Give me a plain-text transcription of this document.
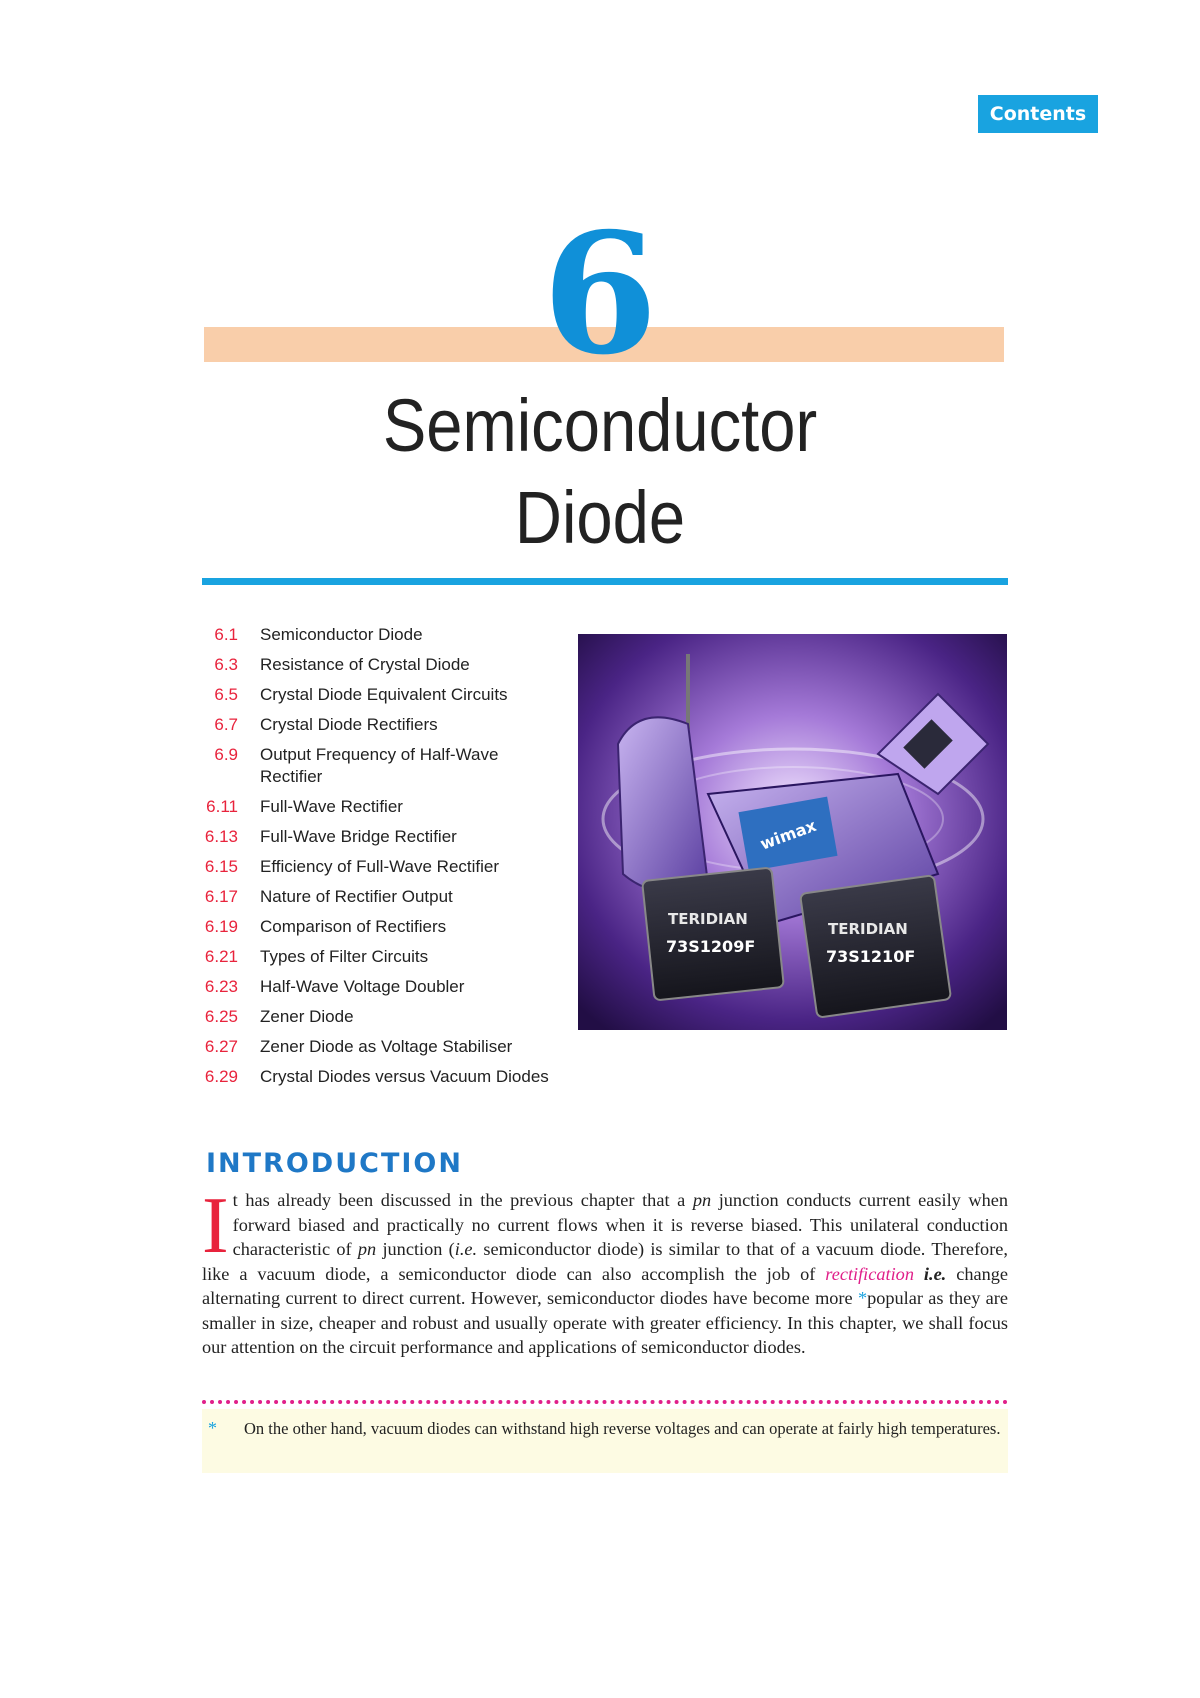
Contents
6
Semiconductor
Diode
6.1	Semiconductor Diode
6.3	Resistance of Crystal Diode
6.5	Crystal Diode Equivalent Circuits
6.7	Crystal Diode Rectifiers
6.9	Output Frequency of Half-Wave Rectifier
6.11	Full-Wave Rectifier
6.13	Full-Wave Bridge Rectifier
6.15	Efficiency of Full-Wave Rectifier
6.17	Nature of Rectifier Output
6.19	Comparison of Rectifiers
6.21	Types of Filter Circuits
6.23	Half-Wave Voltage Doubler
6.25	Zener Diode
6.27	Zener Diode as Voltage Stabiliser
6.29	Crystal Diodes versus Vacuum Diodes
wimax
TERIDIAN
73S1209F
TERIDIAN
73S1210F
INTRODUCTION
It has already been discussed in the previous chapter that a pn junction conducts current easily when forward biased and practically no current flows when it is reverse biased. This unilateral conduction characteristic of pn junction (i.e. semiconductor diode) is similar to that of a vacuum diode. Therefore, like a vacuum diode, a semiconductor diode can also accomplish the job of rectification i.e. change alternating current to direct current. However, semiconductor diodes have become more *popular as they are smaller in size, cheaper and robust and usually operate with greater efficiency. In this chapter, we shall focus our attention on the circuit performance and applications of semiconductor diodes.
* On the other hand, vacuum diodes can withstand high reverse voltages and can operate at fairly high temperatures.
